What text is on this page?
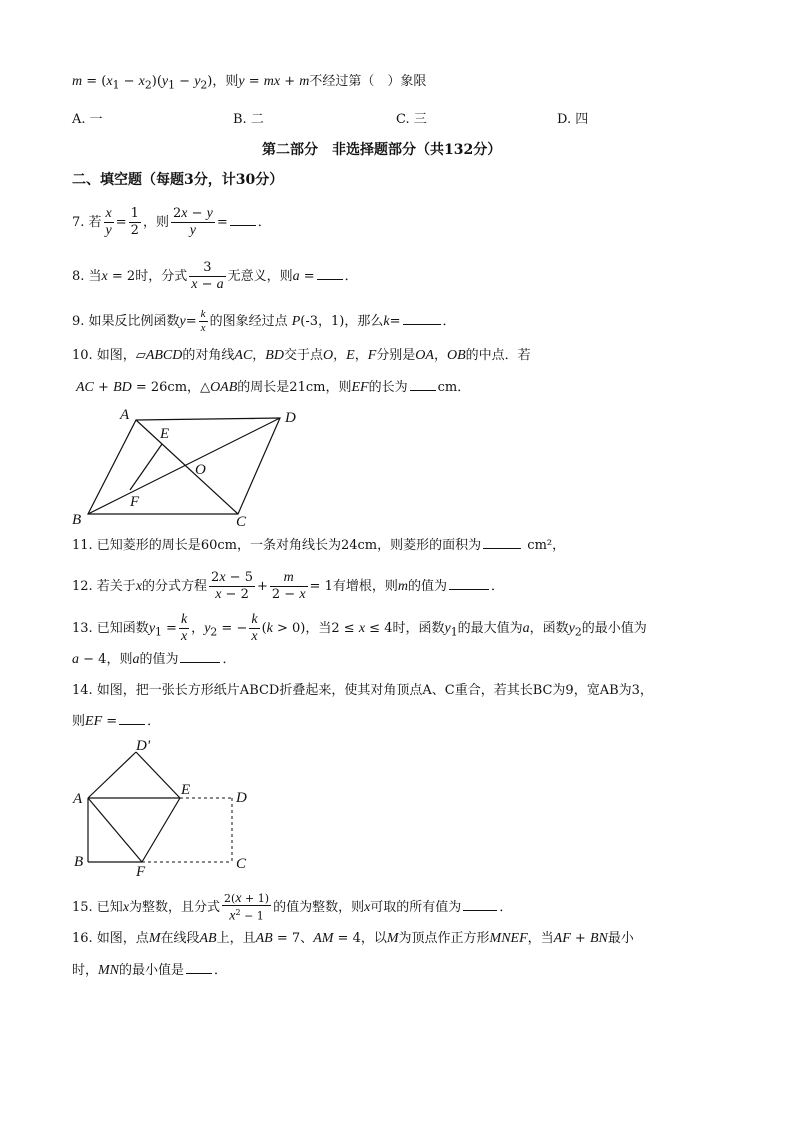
$m = (x_1 - x_2)(y_1 - y_2)$，则y = mx + m不经过第（　）象限
A. 一	B. 二	C. 三	D. 四
第二部分　非选择题部分（共132分）
二、填空题（每题3分，计30分）
7. 若 $\frac{x}{y} = \frac{1}{2}$ ，则 $\frac{2x - y}{y}$ = ．
8. 当x = 2时，分式 $\frac{3}{x - a}$ 无意义，则a = ．
9. 如果反比例函数$y= \frac{k}{x}$ 的图象经过点 P(-3，1)，那么k=	．
10. 如图，▱ABCD的对角线AC，BD交于点O，E，F分别是OA，OB的中点．若
AC + BD = 26cm，△OAB的周长是21cm，则EF的长为 cm．
A	D
E
O
F
B	C
11. 已知菱形的周长是60cm，一条对角线长为24cm，则菱形的面积为	cm²，
12. 若关于x的分式方程 $\frac{2x - 5}{x - 2} + \frac{m}{2 - x} = 1$有增根，则m的值为	．
13. 已知函数$y_1 = \frac{k}{x}$ ，$y_2$ = − $\frac{k}{x} (k > 0)$，当2 ≤ x ≤ 4时，函数$y_1$的最大值为a，函数$y_2$的最小值为
a − 4，则a的值为	．
14. 如图，把一张长方形纸片ABCD折叠起来，使其对角顶点A、C重合，若其长BC为9，宽AB为3，
则EF = ．
D'
A
E	D
B
F	C
15. 已知x为整数，且分式 $\frac{2(x + 1)}{x^2 - 1}$ 的值为整数，则x可取的所有值为	．
16. 如图，点M在线段AB上，且AB = 7、AM = 4，以M为顶点作正方形MNEF，当AF + BN最小
时，MN的最小值是 ．
